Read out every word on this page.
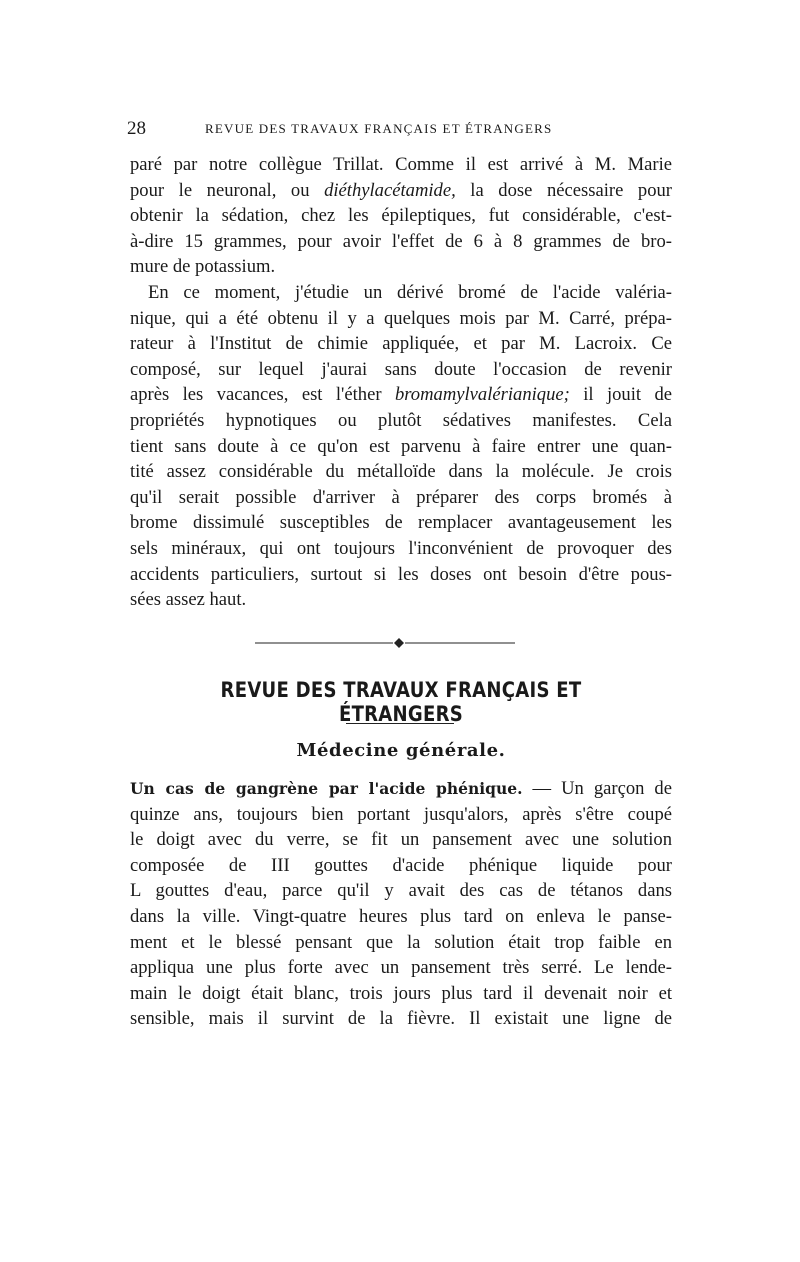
28	REVUE DES TRAVAUX FRANÇAIS ET ÉTRANGERS
paré par notre collègue Trillat. Comme il est arrivé à M. Marie
pour le neuronal, ou diéthylacétamide, la dose nécessaire pour
obtenir la sédation, chez les épileptiques, fut considérable, c'est-
à-dire 15 grammes, pour avoir l'effet de 6 à 8 grammes de bro-
mure de potassium.
En ce moment, j'étudie un dérivé bromé de l'acide valéria-
nique, qui a été obtenu il y a quelques mois par M. Carré, prépa-
rateur à l'Institut de chimie appliquée, et par M. Lacroix. Ce
composé, sur lequel j'aurai sans doute l'occasion de revenir
après les vacances, est l'éther bromamylvalérianique; il jouit de
propriétés hypnotiques ou plutôt sédatives manifestes. Cela
tient sans doute à ce qu'on est parvenu à faire entrer une quan-
tité assez considérable du métalloïde dans la molécule. Je crois
qu'il serait possible d'arriver à préparer des corps bromés à
brome dissimulé susceptibles de remplacer avantageusement les
sels minéraux, qui ont toujours l'inconvénient de provoquer des
accidents particuliers, surtout si les doses ont besoin d'être pous-
sées assez haut.
REVUE DES TRAVAUX FRANÇAIS ET ÉTRANGERS
Médecine générale.
Un cas de gangrène par l'acide phénique. — Un garçon de
quinze ans, toujours bien portant jusqu'alors, après s'être coupé
le doigt avec du verre, se fit un pansement avec une solution
composée de III gouttes d'acide phénique liquide pour
L gouttes d'eau, parce qu'il y avait des cas de tétanos dans
dans la ville. Vingt-quatre heures plus tard on enleva le panse-
ment et le blessé pensant que la solution était trop faible en
appliqua une plus forte avec un pansement très serré. Le lende-
main le doigt était blanc, trois jours plus tard il devenait noir et
sensible, mais il survint de la fièvre. Il existait une ligne de
